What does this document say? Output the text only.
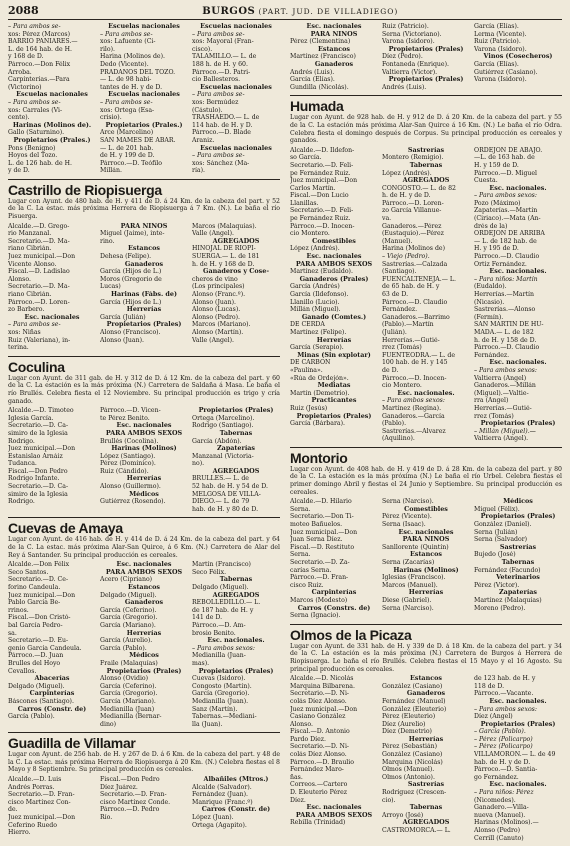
2088	BURGOS (PART. JUD. DE VILLADIEGO)
– Para ambos se-
xos: Pérez (Marcos)
BARRIO PANIARES.—
L. de 164 hab. de H.
y 168 de D.
Párroco.—Don Félix
Arroba.
Carpinterías.—Para
(Victorino)
Escuelas nacionales
– Para ambos se-
xos: Carrales (Vi-
cente).
Harinas (Molinos de).
Gallo (Saturnino).
Propietarios (Prales.)
Pons (Benigno)
Hoyos del Tozo.
L. de 126 hab. de H.
y de D.
Escuelas nacionales
– Para ambos se-
xos: Lafuente (Ci-
rilo).
Harina (Molinos de).
Dedo (Vicente).
PRADANOS DEL TOZO.
— L. de 98 habi-
tantes de H. y de D.
Escuelas nacionales
– Para ambos se-
xos: Ortega (Esa-
crisio).
Propietarios (Prales.)
Arce (Marcelino)
SAN MAMES DE ABAR.
— L. de 201 hab.
de H. y 199 de D.
Párroco.—D. Teófilo
Millán.
Escuelas nacionales
– Para ambos se-
xos: Mayoral (Fran-
cisco).
TALAMILLO.— L. de
188 h. de H. y 60.
Párroco.—D. Patri-
cio Ballesteros.
Escuelas nacionales
– Para ambos se-
xos: Bermúdez
(Cástulo).
TRASHAEDO.— L. de
114 hab. de H. y D.
Párroco.—D. Blade
Araniz.
Escuelas nacionales
– Para ambos se-
xos: Sánchez (Ma-
ría).
Castrillo de Riopisuerga
Lugar con Ayunt. de 480 hab. de H. y 411 de D. á 24 Km. de la cabeza del part. y 52 de la C. La estac. más próxima Herrera de Riopisuerga á 7 Km. (N.). Le baña el río Pisuerga.
Alcalde.—D. Grego-
rio Manzanal.
Secretario.—D. Ma-
riano Cibrián.
Juez municipal.—Don
Vicente Alonso.
Fiscal.—D. Ladislao
Alonso.
Secretario.—D. Ma-
riano Cibrián.
Párroco.—D. Loren-
zo Barbero.
Esc. nacionales
– Para ambos se-
xos: Niñas
Ruiz (Valeriana), in-
terina.
PARA NIÑOS
Miguel (Jaime), inte-
rino.
Estancos
Dehesa (Felipe).
Ganaderos
García (Hijos de L.)
Moros (Gregorio de
Lucas)
Harinas (Fábs. de)
García (Hijos de L.)
Herrerías
García (Julián)
Propietarios (Prales)
Alonso (Francisco).
Alonso (Juan).
Marcos (Malaquías).
Valle (Angel).
AGREGADOS
HINOJAL DE RIOPI-
SUERGA.— L. de 181
h. de H. y 168 de D.
Ganaderos y Cose-
cheros de vino
(Los principales)
Alonso (Franc.º).
Alonso (Juan).
Alonso (Lucas).
Alonso (Pedro).
Marcos (Mariano).
Alonso (Martín).
Valle (Angel).
Coculina
Lugar con Ayunt. de 311 gab. de H. y 312 de D. á 12 Km. de la cabeza del part. y 60 de la C. La estación es la más próxima (N.) Carretera de Saldaña á Masa. Le baña el río Brullés. Celebra fiesta el 12 Noviembre. Su principal producción es trigo y cría ganado.
Alcalde.—D. Timoteo
Iglesia García.
Secretario.—D. Ca-
simiro de la Iglesia
Rodrigo.
Juez municipal.—Don
Estanislao Arnáiz
Tudanca.
Fiscal.—Don Pedro
Rodrigo Infante.
Secretario.—D. Ca-
simiro de la Iglesia
Rodrigo.
Párroco.—D. Vicen-
te Pérez Benito.
Esc. nacionales
PARA AMBOS SEXOS
Brullés (Cocolina).
Harinas (Molinos)
López (Santiago).
Pérez (Dominico).
Ruiz (Cándido).
Herrerías
Alonso (Guillermo).
Médicos
Gutiérrez (Rosendo).
Propietarios (Prales)
Ortega (Marcelino).
Rodrigo (Santiago).
Tabernas
García (Abdón).
Zapaterías
Manzanal (Victoria-
no).
AGREGADOS
BRULLÉS.— L. de
52 hab. de H. y 54 de D.
MELGOSA DE VILLA-
DIEGO.— L. de 79
hab. de H. y 80 de D.
Cuevas de Amaya
Lugar con Ayunt. de 416 hab. de H. y 414 de D. á 24 Km. de la cabeza del part. y 64 de la C. La estac. más próxima Alar-San Quirce, á 6 Km. (N.) Carretera de Alar del Rey á Santander. Su principal producción es cereales.
Alcalde.—Don Félix
Seco Santos.
Secretario.—D. Ce-
forino Candeula.
Juez municipal.—Don
Pablo García Be-
rrinos.
Fiscal.—Don Cristó-
bal García Pedro-
sa.
Secretario.—D. Eu-
genio García Candeula.
Párroco.—D. Juan
Brulles del Hoyo
Cevallos.
Abacerías
Delgado (Miguel).
Carpinterías
Báscones (Santiago).
Carros (Constr. de)
García (Pablo).
Esc. nacionales
PARA AMBOS SEXOS
Acero (Cipriano)
Estancos
Delgado (Miguel).
Ganaderos
García (Ceferino).
García (Gregorio).
García (Mariano).
Herrerías
García (Aurelio).
García (Pablo).
Médicos
Fraile (Malaquías)
Propietarios (Prales)
Alonso (Ovidio)
García (Ceferino).
García (Gregorio).
García (Mariano).
Medianilla (Juan)
Medianilla (Bernar-
dino)
Martín (Francisco)
Seco Félix.
Tabernas
Delgado (Miguel).
AGREGADOS
REBOLLEDILLO.— L.
de 187 hab. de H. y
141 de D.
Párroco.—D. Am-
brosio Benito.
Esc. nacionales.
– Para ambos sexos:
Medianilla (Juan-
mas).
Propietarios (Prales)
Cuevas (Isidoro).
Congosto (Martín).
García (Gregorio).
Medianilla (Juan).
Sanz (Martín).
Tabernas.—Mediani-
lla (Juan).
Guadilla de Villamar
Lugar con Ayunt. de 256 hab. de H. y 267 de D. á 6 Km. de la cabeza del part. y 48 de la C. La estac. más próxima Herrera de Riopisuerga á 20 Km. (N.) Celebra fiestas el 8 Mayo y 8 Septiembre. Su principal producción es cereales.
Alcalde.—D. Luis
Andrés Porras.
Secretario.—D. Fran-
cisco Martínez Con-
de.
Juez municipal.—Don
Ceferino Ruedo
Hierro.
Fiscal.—Don Pedro
Díez Juárez.
Secretario.—D. Fran-
cisco Martínez Conde.
Párroco.—D. Pedro
Río.
Albañiles (Mtros.)
Alcalde (Salvador).
Fernández (Juan).
Manrique (Franc.º)
Carros (Constr. de)
López (Juan).
Ortega (Agapito).
Esc. nacionales
PARA NIÑOS
Pérez (Clementina)
Estancos
Martínez (Francisco)
Ganaderos
Andrés (Luis).
García (Elías).
Gundilla (Nicolás).
Ruiz (Patricio).
Serna (Victoriano).
Varona (Isidoro).
Propietarios (Prales)
Díez (Pedro).
Fontaneda (Enrique).
Valtierra (Víctor).
Propietarios (Prales)
Andrés (Luis).
García (Elías).
Lerma (Vicente).
Ruiz (Patricio).
Varona (Isidoro).
Vinos (Cosecheros)
García (Elías).
Gutiérrez (Casiano).
Varona (Isidoro).
Humada
Lugar con Ayunt. de 928 hab. de H. y 912 de D. á 20 Km. de la cabeza del part. y 55 de la C. La estación más próxima Alar-San Quirce á 16 Km. (N.) Le baña el río Odra. Celebra fiesta el domingo después de Corpus. Su principal producción es cereales y ganados.
Alcalde.—D. Ildefon-
so García.
Secretario.—D. Feli-
pe Fernández Ruiz.
Juez municipal.—Don
Carlos Martín.
Fiscal.—Don Lucio
Llanillas.
Secretario.—D. Feli-
pe Fernández Ruiz.
Párroco.—D. Inocen-
cio Montero.
Comestibles
López (Andrés).
Esc. nacionales
PARA AMBOS SEXOS
Martínez (Eudaldo).
Ganaderos (Prales)
García (Andrés)
García (Ildefonso).
Llanillo (Lucio).
Millán (Miguel).
Ganado (Comtes.)
DE CERDA
Martínez (Felipe).
Herrerías
García (Serapio).
Minas (Sin explotar)
DE CARBÓN
«Paulina».
«Rúa de Ordejón».
Mediatas
Martín (Demetrio).
Practicantes
Ruiz (Jesús)
Propietarios (Prales)
García (Bárbara).
Sastrerías
Montero (Remigio).
Tabernas
López (Andrés).
AGREGADOS
CONGOSTO.— L. de 82
h. de H. y de D.
Párroco.—D. Loren-
zo García Villanue-
va.
Ganaderos.—Pérez
(Eustaquio).—Pérez
(Manuel).
Harina (Molinos de)
– Viejo (Pedro).
Sastrerías.—Calzada
(Santiago).
FUENCALTENEJA.— L.
de 65 hab. de H. y
63 de D.
Párroco.—D. Claudio
Fernández.
Ganaderos.—Barrimo
(Pablo).—Martín
(Julián).
Herrerías.—Gutié-
rrez (Tomás)
FUENTEODRA.— L. de
100 hab. de H. y 145
de D.
Párroco.—D. Inocen-
cio Montero.
Esc. nacionales.
– Para ambos sexos:
Martínez (Regina).
Ganaderos.—García
(Pablo).
Sastrerías.—Alvarez
(Aquilino).
ORDEJÓN DE ABAJO.
—L. de 163 hab. de
H. y 159 de D.
Párroco.—D. Miguel
Cuesta.
Esc. nacionales.
– Para ambos sexos:
Pozo (Máximo)
Zapaterías.—Martín
(Ciriaco).—Mata (An-
drés de la)
ORDEJÓN DE ARRIBA
— L. de 182 hab. de
H. y 195 de D.
Párroco.—D. Claudio
Ortiz Fernández.
Esc. nacionales.
– Para niños: Martín
(Eudaldo).
Herrerías.—Martín
(Nicasio).
Sastrerías.—Alonso
(Fermín).
SAN MARTÍN DE HU-
MADA.— L. de 182
h. de H. y 158 de D.
Párroco.—D. Claudio
Fernández.
Esc. nacionales.
– Para ambos sexos:
Valtierra (Angel)
Ganaderos.—Millán
(Miguel).—Valtie-
rra (Angel)
Herrerías.—Gutié-
rrez (Tomás)
Propietarios (Prales)
– Millán (Miguel).—
Valtierra (Angel).
Montorio
Lugar con Ayunt. de 408 hab. de H. y 419 de D. á 28 Km. de la cabeza del part. y 80 de la C. La estación es la más próxima (N.) Le baña el río Urbel. Celebra fiestas el primer domingo Abril y fiestas el 24 Junio y Septiembre. Su principal producción es cereales.
Alcalde.—D. Hilario
Serna.
Secretario.—Don Ti-
moteo Bañuelos.
Juez municipal.—Don
Juan Serna Díez.
Fiscal.—D. Restituto
Serna.
Secretario.—D. Za-
carías Serna.
Párroco.—D. Fran-
cisco Ruiz.
Carpinterías
Marcos (Modesto)
Carros (Constrs. de)
Serna (Ignacio).
Serna (Narciso).
Comestibles
Pérez (Vicente).
Serna (Isaac).
Esc. nacionales
PARA NIÑOS
Sanllorente (Quintín)
Estancos
Serna (Zacarías)
Harinas (Molinos)
Iglesias (Francisco).
Marcos (Manuel).
Herrerías
Diese (Gabriel).
Serna (Narciso).
Médicos
Miguel (Félix).
Propietarios (Prales)
González (Daniel).
Serna (Julián)
Serna (Salvador)
Sastrerías
Bujedo (José)
Tabernas
Fernández (Facundo)
Veterinarios
Pérez (Víctor).
Zapaterías
Martínez (Malaquías)
Moreno (Pedro).
Olmos de la Picaza
Lugar con Ayunt. de 331 hab. de H. y 339 de D. á 18 Km. de la cabeza del part. y 34 de la C. La estación es la más próxima (N.) Carretera de Burgos á Herrera de Riopisuerga. Le baña el río Brullés. Celebra fiestas el 15 Mayo y el 16 Agosto. Su principal producción es cereales.
Alcalde.—D. Nicolás
Marquina Bilbarena.
Secretario.—D. Ni-
colás Díez Alonso.
Juez municipal.—Don
Casiano González
Alonso.
Fiscal.—D. Antonio
Pardo Díez.
Secretario.—D. Ni-
colás Díez Alonso.
Párroco.—D. Braulio
Fernández Maro-
ñas.
Correos.—Cartero
D. Eleuterio Pérez
Díez.
Esc. nacionales
PARA AMBOS SEXOS
Rebilla (Trinidad)
Estancos
González (Casiano)
Ganaderos
Fernández (Manuel)
González (Eleuterio)
Pérez (Eleuterio)
Díez (Aurelio)
Díez (Demetrio)
Herrerías
Pérez (Sebastián)
González (Casiano)
Marquina (Nicolás)
Olmos (Manuel).
Olmos (Antonio).
Sastrerías
Rodríguez (Crescen-
cio).
Tabernas
Arroyo (José)
AGREGADOS
CASTROMORCA.— L.
de 123 hab. de H. y
118 de D.
Párroco.—Vacante.
Esc. nacionales.
– Para ambos sexos:
Díez (Angel)
Propietarios (Prales)
– García (Pablo).
– Pérez (Policarpo)
– Pérez (Policarpo)
VILLAMORÓN.— L. de 49
hab. de H. y de D.
Párroco.—D. Santia-
go Fernández.
Esc. nacionales.
– Para niños: Pérez
(Nicomedes).
Ganadero.—Villa-
nueva (Manuel).
Harinas (Molinos).—
Alonso (Pedro)
Cerrill (Canuto)
